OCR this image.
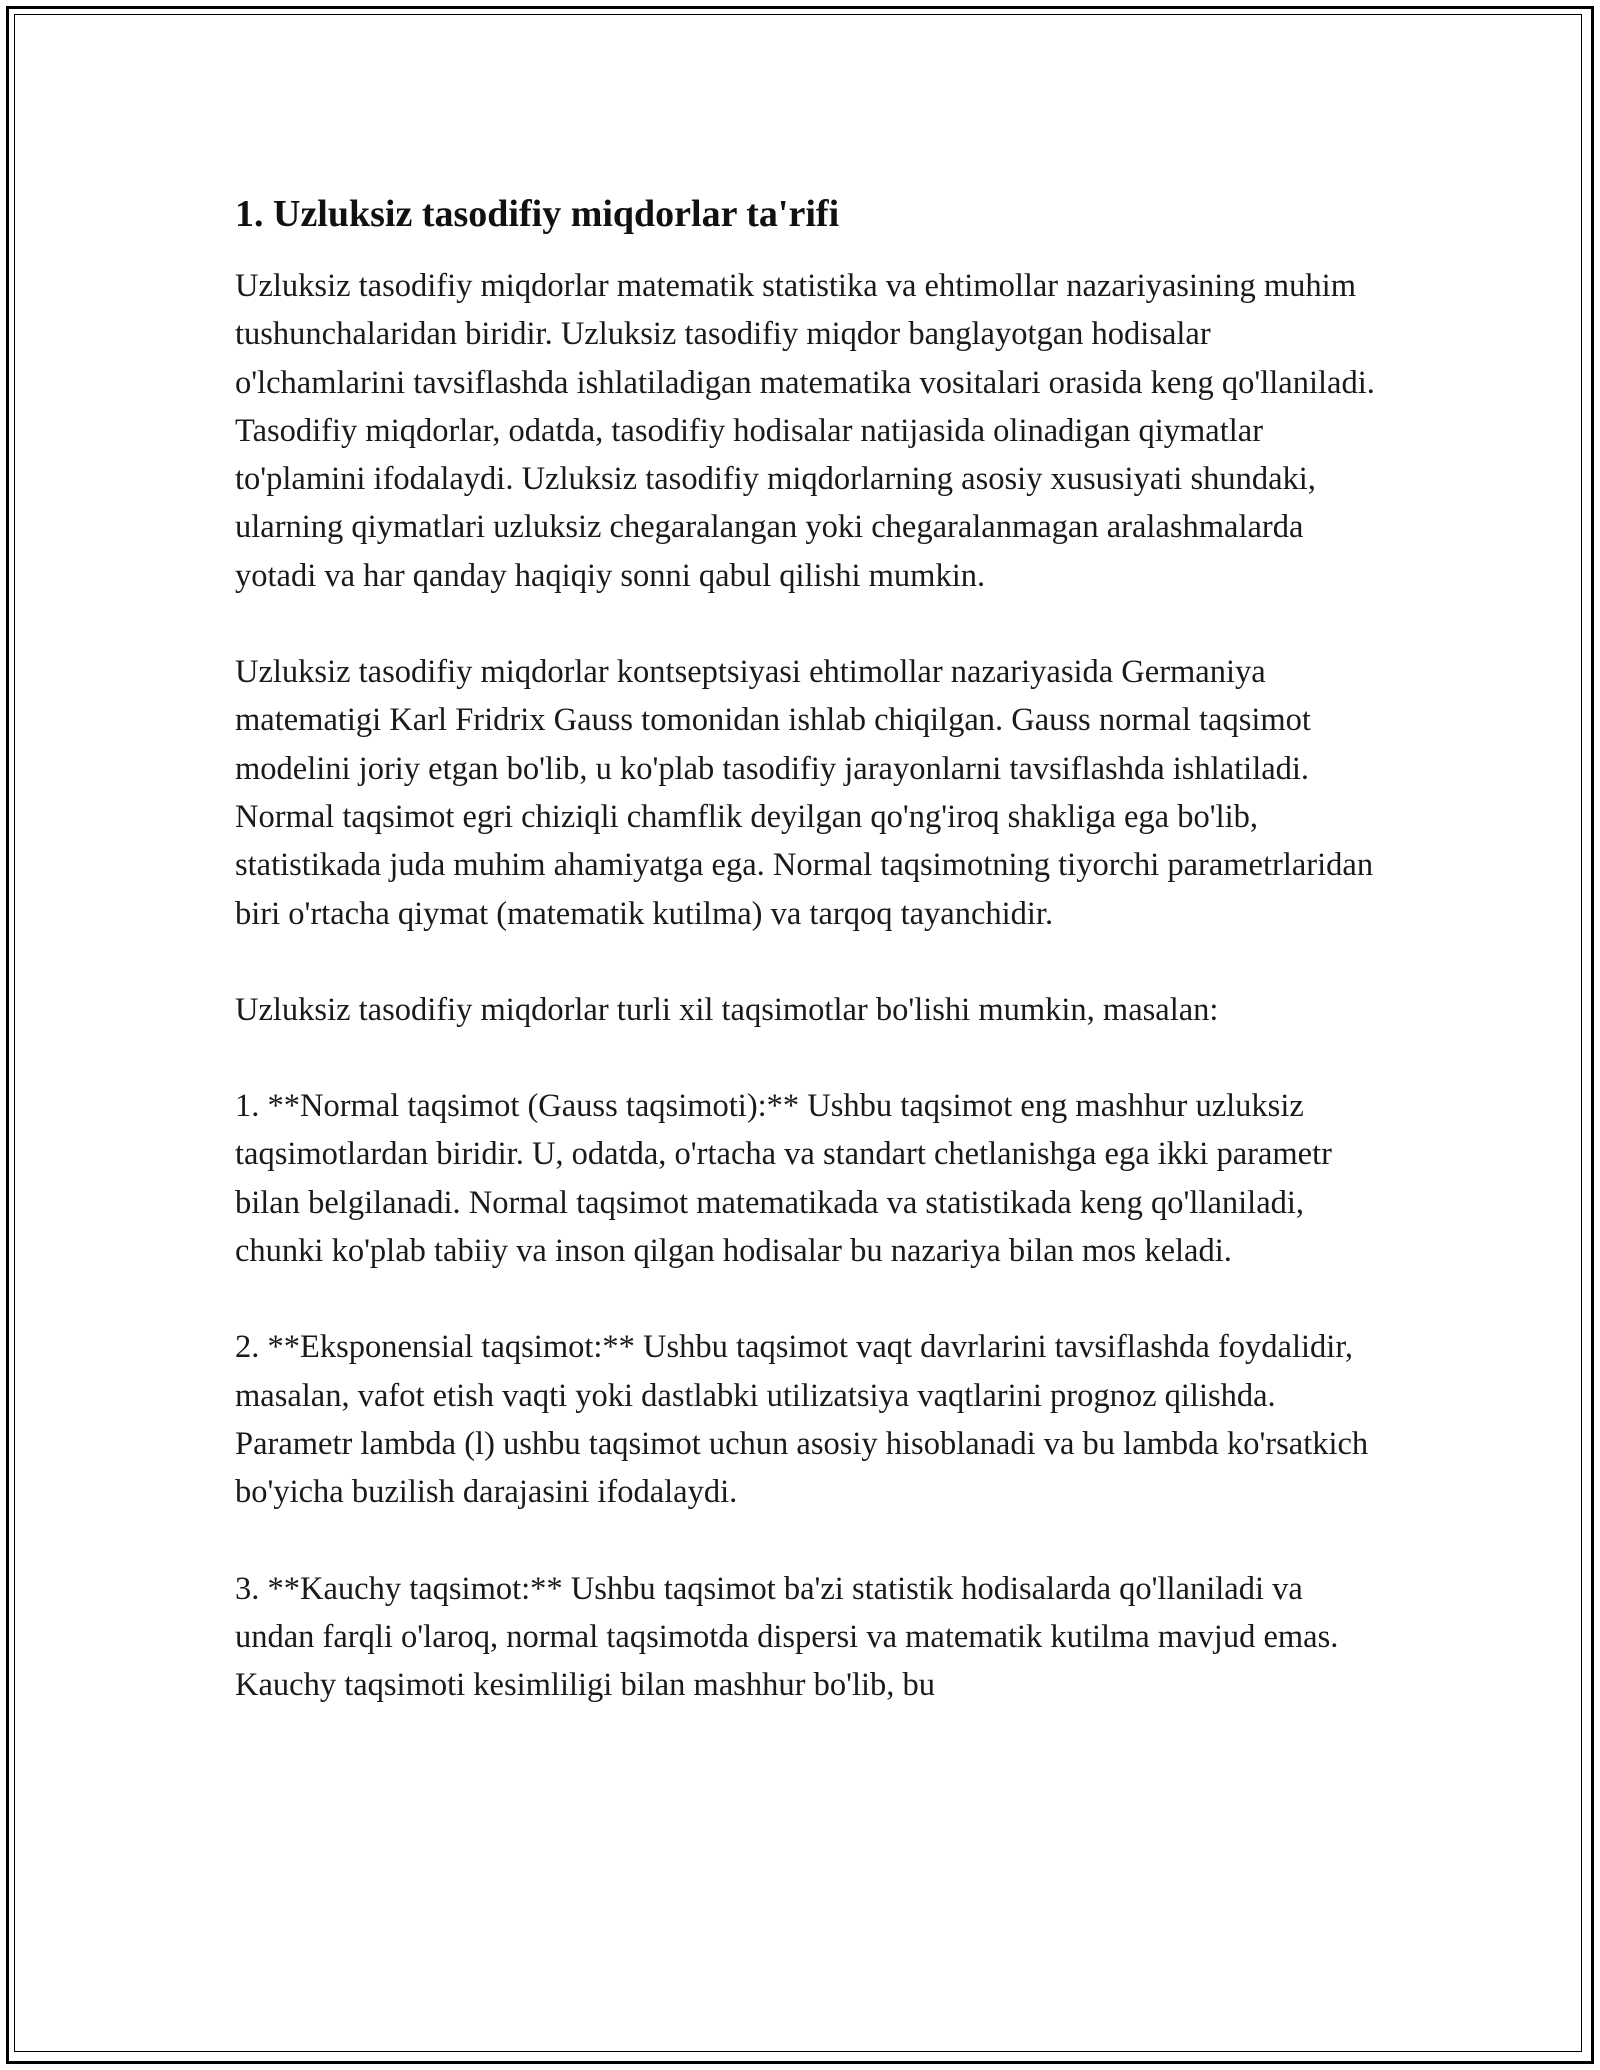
1. Uzluksiz tasodifiy miqdorlar ta'rifi

Uzluksiz tasodifiy miqdorlar matematik statistika va ehtimollar nazariyasining muhim tushunchalaridan biridir. Uzluksiz tasodifiy miqdor banglayotgan hodisalar o'lchamlarini tavsiflashda ishlatiladigan matematika vositalari orasida keng qo'llaniladi. Tasodifiy miqdorlar, odatda, tasodifiy hodisalar natijasida olinadigan qiymatlar to'plamini ifodalaydi. Uzluksiz tasodifiy miqdorlarning asosiy xususiyati shundaki, ularning qiymatlari uzluksiz chegaralangan yoki chegaralanmagan aralashmalarda yotadi va har qanday haqiqiy sonni qabul qilishi mumkin.

Uzluksiz tasodifiy miqdorlar kontseptsiyasi ehtimollar nazariyasida Germaniya matematigi Karl Fridrix Gauss tomonidan ishlab chiqilgan. Gauss normal taqsimot modelini joriy etgan bo'lib, u ko'plab tasodifiy jarayonlarni tavsiflashda ishlatiladi. Normal taqsimot egri chiziqli chamflik deyilgan qo'ng'iroq shakliga ega bo'lib, statistikada juda muhim ahamiyatga ega. Normal taqsimotning tiyorchi parametrlaridan biri o'rtacha qiymat (matematik kutilma) va tarqoq tayanchidir.

Uzluksiz tasodifiy miqdorlar turli xil taqsimotlar bo'lishi mumkin, masalan:

1. **Normal taqsimot (Gauss taqsimoti):** Ushbu taqsimot eng mashhur uzluksiz taqsimotlardan biridir. U, odatda, o'rtacha va standart chetlanishga ega ikki parametr bilan belgilanadi. Normal taqsimot matematikada va statistikada keng qo'llaniladi, chunki ko'plab tabiiy va inson qilgan hodisalar bu nazariya bilan mos keladi.

2. **Eksponensial taqsimot:** Ushbu taqsimot vaqt davrlarini tavsiflashda foydalidir, masalan, vafot etish vaqti yoki dastlabki utilizatsiya vaqtlarini prognoz qilishda. Parametr lambda (l) ushbu taqsimot uchun asosiy hisoblanadi va bu lambda ko'rsatkich bo'yicha buzilish darajasini ifodalaydi.

3. **Kauchy taqsimot:** Ushbu taqsimot ba'zi statistik hodisalarda qo'llaniladi va undan farqli o'laroq, normal taqsimotda dispersi va matematik kutilma mavjud emas. Kauchy taqsimoti kesimliligi bilan mashhur bo'lib, bu
